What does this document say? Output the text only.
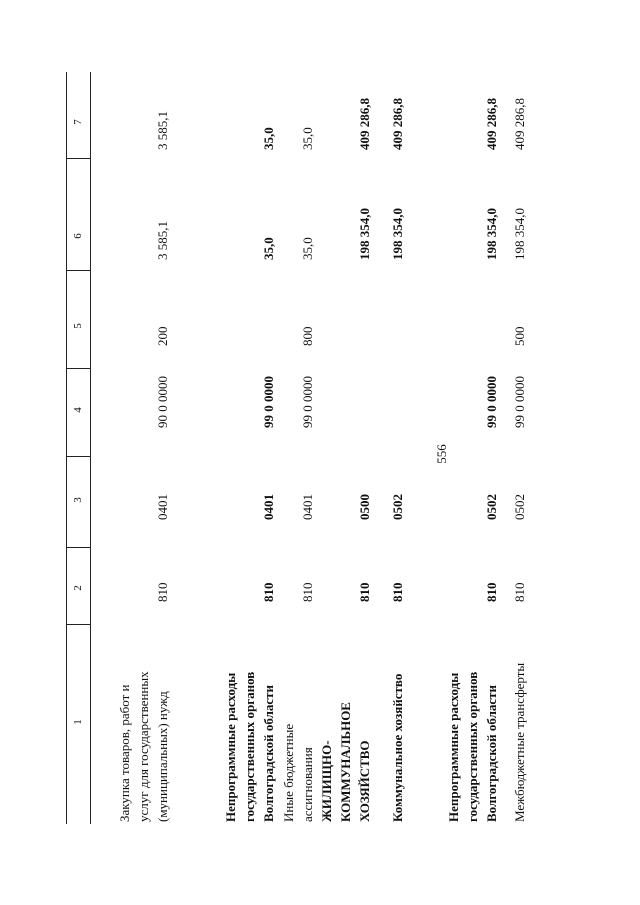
556
1
2
3
4
5
6
7
Закупка товаров, работ и услуг для государственных (муниципальных) нужд
810
0401
90 0 0000
200
3 585,1
3 585,1
Непрограммные расходы государственных органов Волгоградской области
810
0401
99 0 0000
35,0
35,0
Иные бюджетные ассигнования
810
0401
99 0 0000
800
35,0
35,0
ЖИЛИЩНО- КОММУНАЛЬНОЕ ХОЗЯЙСТВО
810
0500
198 354,0
409 286,8
Коммунальное хозяйство
810
0502
198 354,0
409 286,8
Непрограммные расходы государственных органов Волгоградской области
810
0502
99 0 0000
198 354,0
409 286,8
Межбюджетные трансферты
810
0502
99 0 0000
500
198 354,0
409 286,8
